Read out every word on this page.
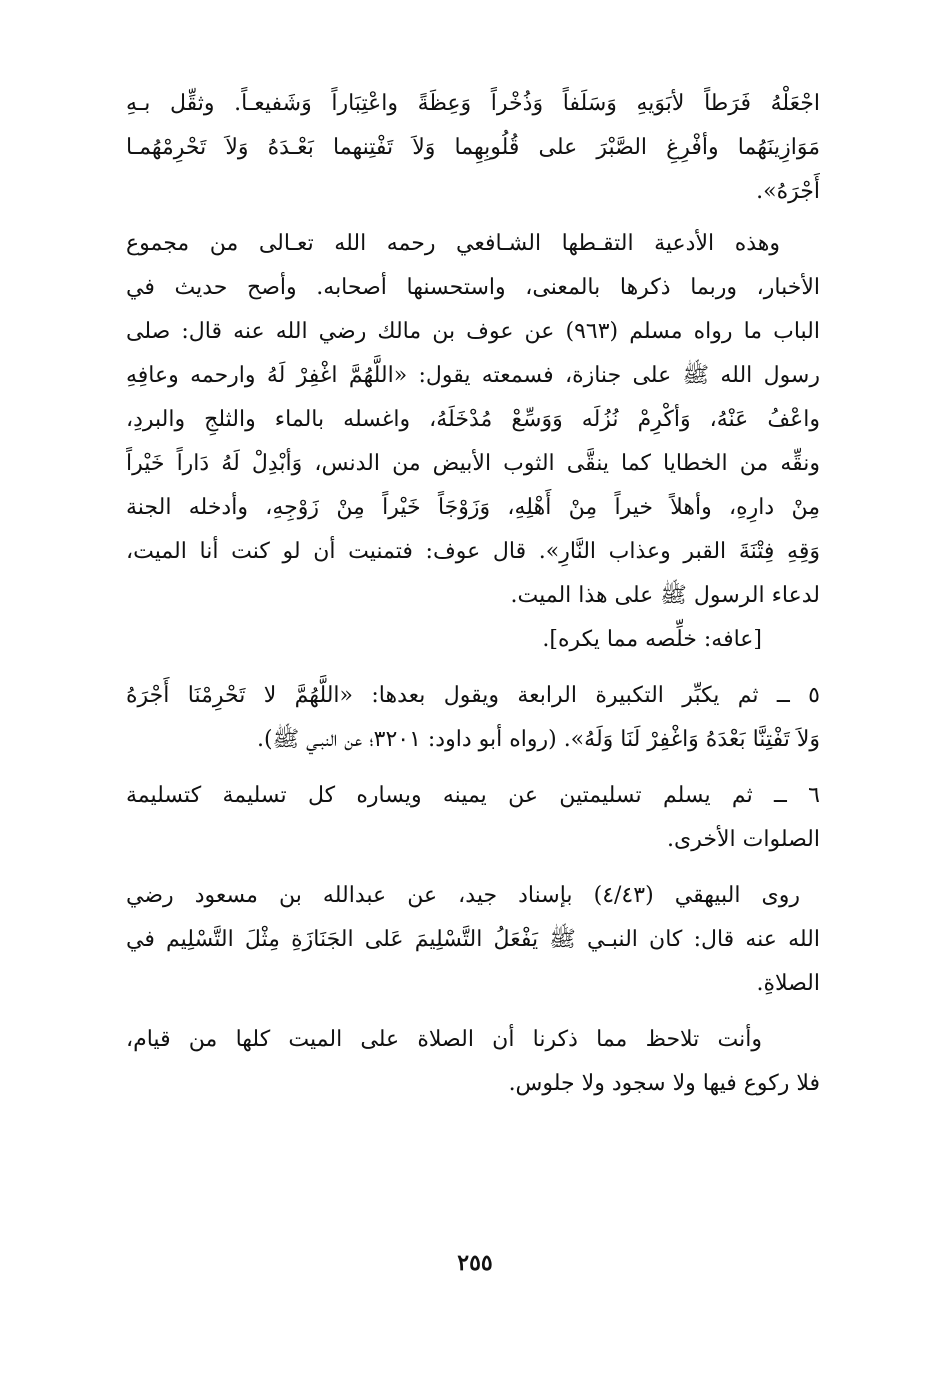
اجْعَلْهُ فَرَطاً لأبَوَيهِ وَسَلَفاً وَذُخْراً وَعِظَةً واعْتِبَاراً وَشَفيعـاً. وثقِّل بـهِ
مَوَازِينَهُما وأفْرِغِ الصَّبْرَ على قُلُوبِهِما وَلاَ تَفْتِنهما بَعْـدَهُ وَلاَ تَحْرِمْهُمـا
أَجْرَهُ».
وهذه الأدعية التقـطها الشـافعي رحمه الله تعـالى من مجموع
الأخبار، وربما ذكرها بالمعنى، واستحسنها أصحابه. وأصح حديث في
الباب ما رواه مسلم (٩٦٣) عن عوف بن مالك رضي الله عنه قال: صلى
رسول الله ﷺ على جنازة، فسمعته يقول: «اللَّهُمَّ اغْفِرْ لَهُ وارحمه وعافِهِ
واعْفُ عَنْهُ، وَأكْرِمْ نُزُلَه وَوَسِّعْ مُدْخَلَهُ، واغسله بالماء والثلجِ والبردِ،
ونقِّه من الخطايا كما ينقَّى الثوب الأبيض من الدنس، وَأبْدِلْ لَهُ دَاراً خَيْراً
مِنْ دارِهِ، وأهلاً خيراً مِنْ أَهْلِهِ، وَزَوْجَاً خَيْراً مِنْ زَوْجِهِ، وأدخله الجنة
وَقِهِ فِتْنَةَ القبر وعذاب النَّارِ». قال عوف: فتمنيت أن لو كنت أنا الميت،
لدعاء الرسول ﷺ على هذا الميت.
[عافه: خلِّصه مما يكره].
٥ ــ ثم يكبِّر التكبيرة الرابعة ويقول بعدها: «اللَّهُمَّ لا تَحْرِمْنَا أَجْرَهُ
وَلاَ تَفْتِنَّا بَعْدَهُ وَاغْفِرْ لَنَا وَلَهُ». (رواه أبو داود: ٣٢٠١؛ عن النبـي ﷺ).
٦ ــ ثم يسلم تسليمتين عن يمينه ويساره كل تسليمة كتسليمة
الصلوات الأخرى.
روى البيهقي (٤/٤٣) بإسناد جيد، عن عبدالله بن مسعود رضي
الله عنه قال: كان النبـي ﷺ يَفْعَلُ التَّسْلِيمَ عَلى الجَنَازَةِ مِثْلَ التَّسْلِيم في
الصلاةِ.
وأنت تلاحظ مما ذكرنا أن الصلاة على الميت كلها من قيام،
فلا ركوع فيها ولا سجود ولا جلوس.
٢٥٥
